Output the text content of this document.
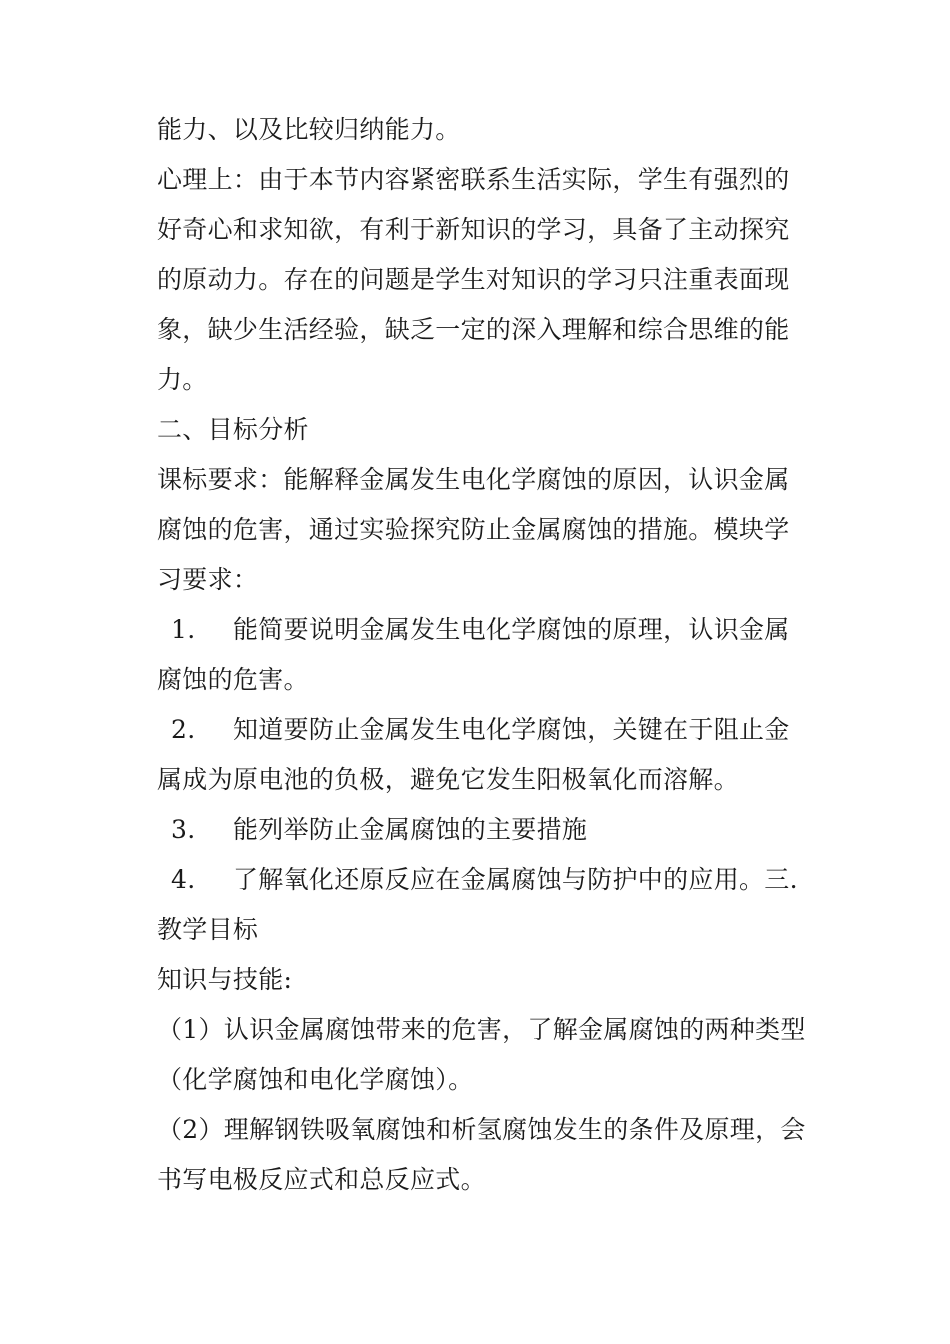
能力、以及比较归纳能力。
心理上：由于本节内容紧密联系生活实际，学生有强烈的
好奇心和求知欲，有利于新知识的学习，具备了主动探究
的原动力。存在的问题是学生对知识的学习只注重表面现
象，缺少生活经验，缺乏一定的深入理解和综合思维的能
力。
二、目标分析
课标要求：能解释金属发生电化学腐蚀的原因，认识金属
腐蚀的危害，通过实验探究防止金属腐蚀的措施。模块学
习要求：
1. 能简要说明金属发生电化学腐蚀的原理，认识金属
腐蚀的危害。
2. 知道要防止金属发生电化学腐蚀，关键在于阻止金
属成为原电池的负极，避免它发生阳极氧化而溶解。
3. 能列举防止金属腐蚀的主要措施
4. 了解氧化还原反应在金属腐蚀与防护中的应用。三.
教学目标
知识与技能:
（1）认识金属腐蚀带来的危害，了解金属腐蚀的两种类型
（化学腐蚀和电化学腐蚀）。
（2）理解钢铁吸氧腐蚀和析氢腐蚀发生的条件及原理，会
书写电极反应式和总反应式。
